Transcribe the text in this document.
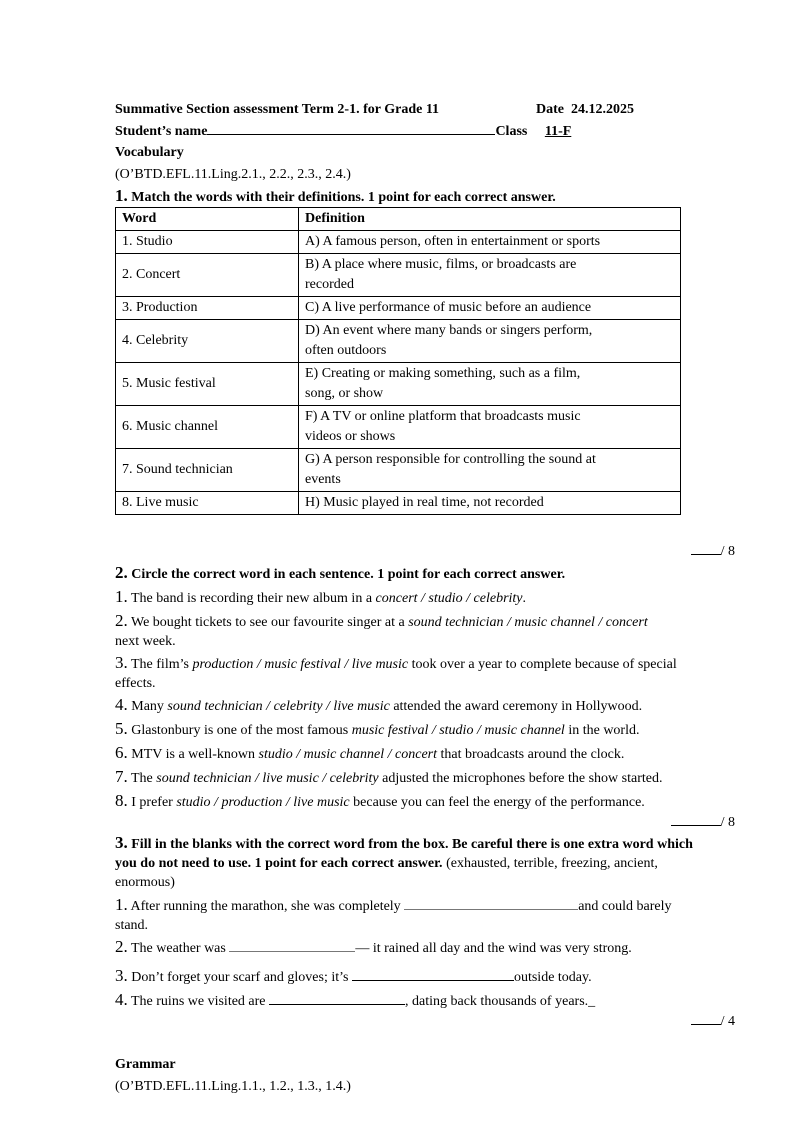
Summative Section assessment Term 2-1. for Grade 11	Date 24.12.2025
Student’s name	Class 11-F
Vocabulary
(O’BTD.EFL.11.Ling.2.1., 2.2., 2.3., 2.4.)
1. Match the words with their definitions. 1 point for each correct answer.
Word	Definition
1. Studio	A) A famous person, often in entertainment or sports
2. Concert	B) A place where music, films, or broadcasts are
recorded
3. Production	C) A live performance of music before an audience
4. Celebrity	D) An event where many bands or singers perform,
often outdoors
5. Music festival	E) Creating or making something, such as a film,
song, or show
6. Music channel	F) A TV or online platform that broadcasts music
videos or shows
7. Sound technician	G) A person responsible for controlling the sound at
events
8. Live music	H) Music played in real time, not recorded
/ 8
2. Circle the correct word in each sentence. 1 point for each correct answer.
1. The band is recording their new album in a concert / studio / celebrity.
2. We bought tickets to see our favourite singer at a sound technician / music channel / concert
next week.
3. The film’s production / music festival / live music took over a year to complete because of special
effects.
4. Many sound technician / celebrity / live music attended the award ceremony in Hollywood.
5. Glastonbury is one of the most famous music festival / studio / music channel in the world.
6. MTV is a well-known studio / music channel / concert that broadcasts around the clock.
7. The sound technician / live music / celebrity adjusted the microphones before the show started.
8. I prefer studio / production / live music because you can feel the energy of the performance.
/ 8
3. Fill in the blanks with the correct word from the box. Be careful there is one extra word which
you do not need to use. 1 point for each correct answer. (exhausted, terrible, freezing, ancient,
enormous)
1. After running the marathon, she was completely	and could barely
stand.
2. The weather was	— it rained all day and the wind was very strong.
3. Don’t forget your scarf and gloves; it’s	outside today.
4. The ruins we visited are	, dating back thousands of years._
/ 4
Grammar
(O’BTD.EFL.11.Ling.1.1., 1.2., 1.3., 1.4.)
